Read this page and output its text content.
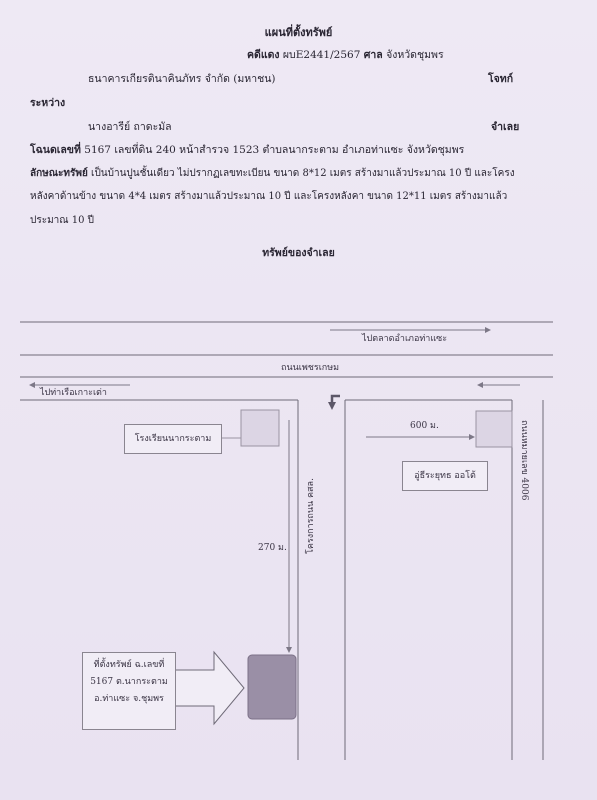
แผนที่ตั้งทรัพย์
คดีแดง ผบE2441/2567 ศาล จังหวัดชุมพร
ธนาคารเกียรตินาคินภัทร จำกัด (มหาชน)	โจทก์
ระหว่าง
นางอารีย์ ถาดะมัล	จำเลย
โฉนดเลขที่ 5167 เลขที่ดิน 240 หน้าสำรวจ 1523 ตำบลนากระตาม อำเภอท่าแซะ จังหวัดชุมพร
ลักษณะทรัพย์ เป็นบ้านปูนชั้นเดียว ไม่ปรากฏเลขทะเบียน ขนาด 8*12 เมตร สร้างมาแล้วประมาณ 10 ปี และโครง
หลังคาด้านข้าง ขนาด 4*4 เมตร สร้างมาแล้วประมาณ 10 ปี และโครงหลังคา ขนาด 12*11 เมตร สร้างมาแล้ว
ประมาณ 10 ปี
ทรัพย์ของจำเลย
ไปตลาดอำเภอท่าแซะ
ถนนเพชรเกษม
ไปท่าเรือเกาะเต่า
โรงเรียนนากระตาม
270 ม.	โครงการถนน คสล.
600 ม.
อู่ธีระยุทธ ออโต้	ถนนหมายเลข 4006
ที่ตั้งทรัพย์ ฉ.เลขที่
5167 ต.นากระตาม
อ.ท่าแซะ จ.ชุมพร
